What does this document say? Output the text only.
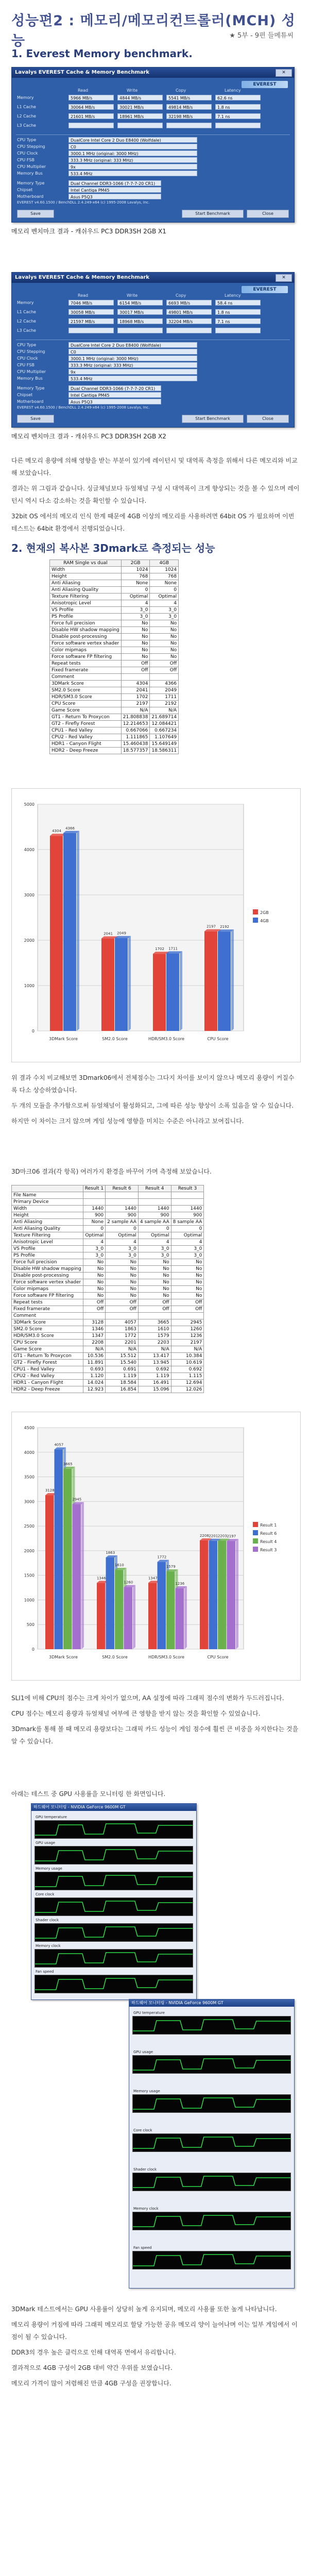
성능편2 : 메모리/메모리컨트롤러(MCH) 성능	★ 5부 - 9편 들메튜씨
1. Everest Memory benchmark.
Lavalys EVEREST Cache & Memory Benchmark	✕
EVEREST
Read	Write	Copy	Latency
Memory	5966 MB/s	4844 MB/s	5541 MB/s	62.6 ns
L1 Cache	30064 MB/s	30021 MB/s	49814 MB/s	1.8 ns
L2 Cache	21601 MB/s	18961 MB/s	32198 MB/s	7.1 ns
L3 Cache
CPU Type	DualCore Intel Core 2 Duo E8400 (Wolfdale)
CPU Stepping	C0
CPU Clock	3000.1 MHz (original: 3000 MHz)
CPU FSB	333.3 MHz (original: 333 MHz)
CPU Multiplier	9x
Memory Bus	533.4 MHz
Memory Type	Dual Channel DDR3-1066 (7-7-7-20 CR1)
Chipset	Intel Cantiga PM45
Motherboard	Asus P5Q3
EVEREST v4.60.1500 / BenchDLL 2.4.249-x64 (c) 1995-2008 Lavalys, Inc.
Save	Start Benchmark	Close
메모리 벤치마크 결과 - 캐쉬우드 PC3 DDR3SH 2GB X1
Lavalys EVEREST Cache & Memory Benchmark	✕
EVEREST
Read	Write	Copy	Latency
Memory	7046 MB/s	6154 MB/s	6693 MB/s	58.4 ns
L1 Cache	30058 MB/s	30017 MB/s	49801 MB/s	1.8 ns
L2 Cache	21597 MB/s	18968 MB/s	32204 MB/s	7.1 ns
L3 Cache
CPU Type	DualCore Intel Core 2 Duo E8400 (Wolfdale)
CPU Stepping	C0
CPU Clock	3000.1 MHz (original: 3000 MHz)
CPU FSB	333.3 MHz (original: 333 MHz)
CPU Multiplier	9x
Memory Bus	533.4 MHz
Memory Type	Dual Channel DDR3-1066 (7-7-7-20 CR1)
Chipset	Intel Cantiga PM45
Motherboard	Asus P5Q3
EVEREST v4.60.1500 / BenchDLL 2.4.249-x64 (c) 1995-2008 Lavalys, Inc.
Save	Start Benchmark	Close
메모리 벤치마크 결과 - 캐쉬우드 PC3 DDR3SH 2GB X2

다른 메모리 용량에 의해 영향을 받는 부분이 있기에 레이턴시 및 대역폭 측정을 위해서 다른 메모리와 비교해 보았습니다.

결과는 위 그림과 같습니다. 싱글채널보다 듀얼채널 구성 시 대역폭이 크게 향상되는 것을 볼 수 있으며 레이턴시 역시 다소 감소하는 것을 확인할 수 있습니다.

32bit OS 에서의 메모리 인식 한계 때문에 4GB 이상의 메모리를 사용하려면 64bit OS 가 필요하며 이번 테스트는 64bit 환경에서 진행되었습니다.

2. 현재의 복사본 3Dmark로 측정되는 성능
RAM Single vs dual	2GB	4GB
Width	1024	1024
Height	768	768
Anti Aliasing	None	None
Anti Aliasing Quality	0	0
Texture Filtering	Optimal	Optimal
Anisotropic Level	4	4
VS Profile	3_0	3_0
PS Profile	3_0	3_0
Force full precision	No	No
Disable HW shadow mapping	No	No
Disable post-processing	No	No
Force software vertex shader	No	No
Color mipmaps	No	No
Force software FP filtering	No	No
Repeat tests	Off	Off
Fixed framerate	Off	Off
Comment		
3DMark Score	4304	4366
SM2.0 Score	2041	2049
HDR/SM3.0 Score	1702	1711
CPU Score	2197	2192
Game Score	N/A	N/A
GT1 - Return To Proxycon	21.808838	21.689714
GT2 - Firefly Forest	12.214653	12.084421
CPU1 - Red Valley	0.667066	0.667234
CPU2 - Red Valley	1.111865	1.107649
HDR1 - Canyon Flight	15.460438	15.649149
HDR2 - Deep Freeze	18.577357	18.586311
0
1000
2000
3000
4000
5000
4304
4366
3DMark Score
2041 2049
SM2.0 Score
1702 1711
HDR/SM3.0 Score
2197 2192
CPU Score
2GB
4GB

위 결과 수치 비교해보면 3Dmark06에서 전체점수는 그다지 차이를 보이지 않으나 메모리 용량이 커질수록 다소 상승하였습니다.

두 개의 모듈을 추가함으로써 듀얼채널이 활성화되고, 그에 따른 성능 향상이 소폭 있음을 알 수 있습니다.

하지만 이 차이는 크지 않으며 게임 성능에 영향을 미치는 수준은 아니라고 보여집니다.

3D마크06 결과(각 항목) 여러가지 환경을 바꾸어 가며 측정해 보았습니다.
	Result 1	Result 6	Result 4	Result 3
File Name				
Primary Device				
Width	1440	1440	1440	1440
Height	900	900	900	900
Anti Aliasing	None	2 sample AA	4 sample AA	8 sample AA
Anti Aliasing Quality	0	0	0	0
Texture Filtering	Optimal	Optimal	Optimal	Optimal
Anisotropic Level	4	4	4	4
VS Profile	3_0	3_0	3_0	3_0
PS Profile	3_0	3_0	3_0	3_0
Force full precision	No	No	No	No
Disable HW shadow mapping	No	No	No	No
Disable post-processing	No	No	No	No
Force software vertex shader	No	No	No	No
Color mipmaps	No	No	No	No
Force software FP filtering	No	No	No	No
Repeat tests	Off	Off	Off	Off
Fixed framerate	Off	Off	Off	Off
Comment				
3DMark Score	3128	4057	3665	2945
SM2.0 Score	1346	1863	1610	1260
HDR/SM3.0 Score	1347	1772	1579	1236
CPU Score	2208	2201	2203	2197
Game Score	N/A	N/A	N/A	N/A
GT1 - Return To Proxycon	10.536	15.512	13.417	10.384
GT2 - Firefly Forest	11.891	15.540	13.945	10.619
CPU1 - Red Valley	0.693	0.691	0.692	0.692
CPU2 - Red Valley	1.120	1.119	1.119	1.115
HDR1 - Canyon Flight	14.024	18.584	16.491	12.694
HDR2 - Deep Freeze	12.923	16.854	15.096	12.026
0
500
1000
1500
2000
2500
3000
3500
4000
4500
3128
4057
3665
2945
3DMark Score
1346
1863
1610
1260
SM2.0 Score
1347
1772
1579
1236
HDR/SM3.0 Score
2208 2201 2203 2197
CPU Score
Result 1
Result 6
Result 4
Result 3

SLI1에 비해 CPU의 점수는 크게 차이가 없으며, AA 설정에 따라 그래픽 점수의 변화가 두드러집니다.

CPU 점수는 메모리 용량과 듀얼채널 여부에 큰 영향을 받지 않는 것을 확인할 수 있었습니다.

3Dmark를 통해 볼 때 메모리 용량보다는 그래픽 카드 성능이 게임 점수에 훨씬 큰 비중을 차지한다는 것을 알 수 있습니다.

아래는 테스트 중 GPU 사용률을 모니터링 한 화면입니다.
하드웨어 모니터링 - NVIDIA GeForce 9600M GT
GPU temperature
GPU usage
Memory usage
Core clock
Shader clock
Memory clock
Fan speed
하드웨어 모니터링 - NVIDIA GeForce 9600M GT
GPU temperature
GPU usage
Memory usage
Core clock
Shader clock
Memory clock
Fan speed

3DMark 테스트에서는 GPU 사용률이 상당히 높게 유지되며, 메모리 사용률 또한 높게 나타납니다.

메모리 용량이 커짐에 따라 그래픽 메모리로 할당 가능한 공유 메모리 양이 늘어나며 이는 일부 게임에서 이점이 될 수 있습니다.

DDR3의 경우 높은 클럭으로 인해 대역폭 면에서 유리합니다.

결과적으로 4GB 구성이 2GB 대비 약간 우위를 보였습니다.

메모리 가격이 많이 저렴해진 만큼 4GB 구성을 권장합니다.
